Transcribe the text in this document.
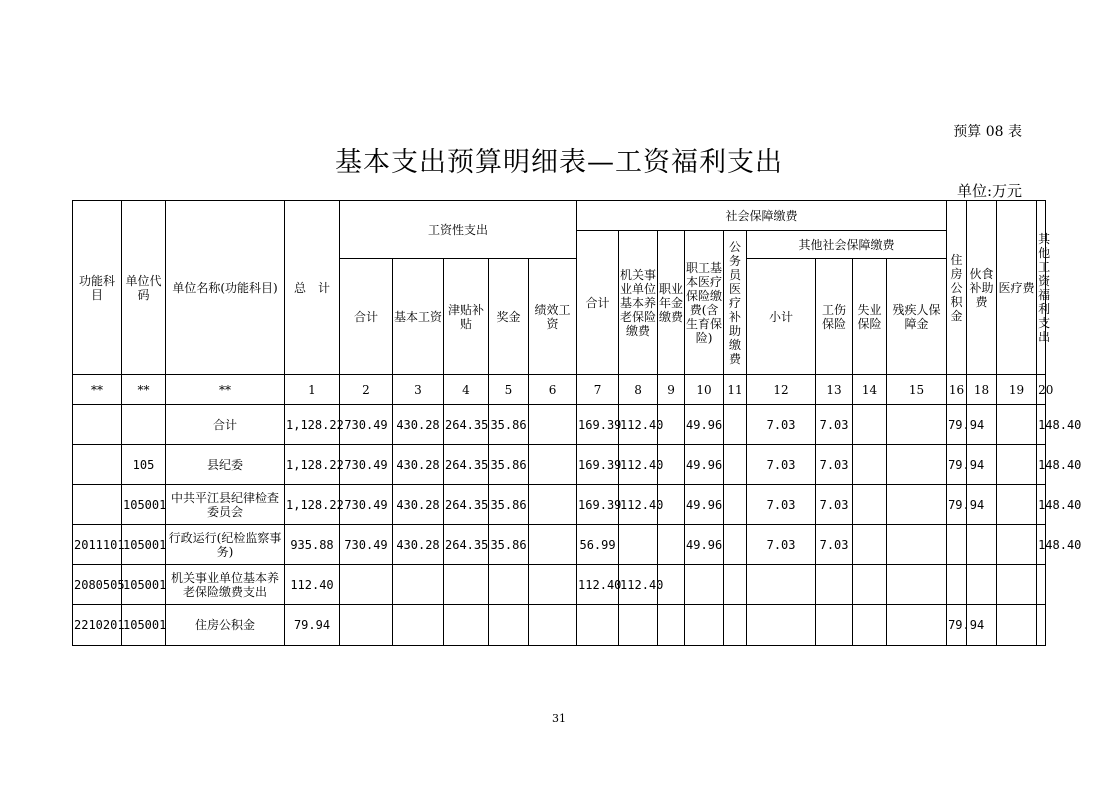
预算 08 表
基本支出预算明细表—工资福利支出
单位:万元
功能科目	单位代码	单位名称(功能科目)	总　计	工资性支出					社会保障缴费									住房公积金	伙食补助费	医疗费	其他工资福利支出
									合计	机关事业单位基本养老保险缴费	职业年金缴费	职工基本医疗保险缴费(含生育保险)	公务员医疗补助缴费	其他社会保障缴费							
				合计	基本工资	津贴补贴	奖金	绩效工资						小计	工伤保险	失业保险	残疾人保障金				
**	**	**	1	2	3	4	5	6	7	8	9	10	11	12	13	14	15	16	18	19	20
		合计	1,128.22	730.49	430.28	264.35	35.86		169.39	112.40		49.96		7.03	7.03			79.94			148.40
	105	县纪委	1,128.22	730.49	430.28	264.35	35.86		169.39	112.40		49.96		7.03	7.03			79.94			148.40
	105001	中共平江县纪律检查委员会	1,128.22	730.49	430.28	264.35	35.86		169.39	112.40		49.96		7.03	7.03			79.94			148.40
2011101	105001	行政运行(纪检监察事务)	935.88	730.49	430.28	264.35	35.86		56.99			49.96		7.03	7.03						148.40
2080505	105001	机关事业单位基本养老保险缴费支出	112.40						112.40	112.40											
2210201	105001	住房公积金	79.94															79.94			
31
